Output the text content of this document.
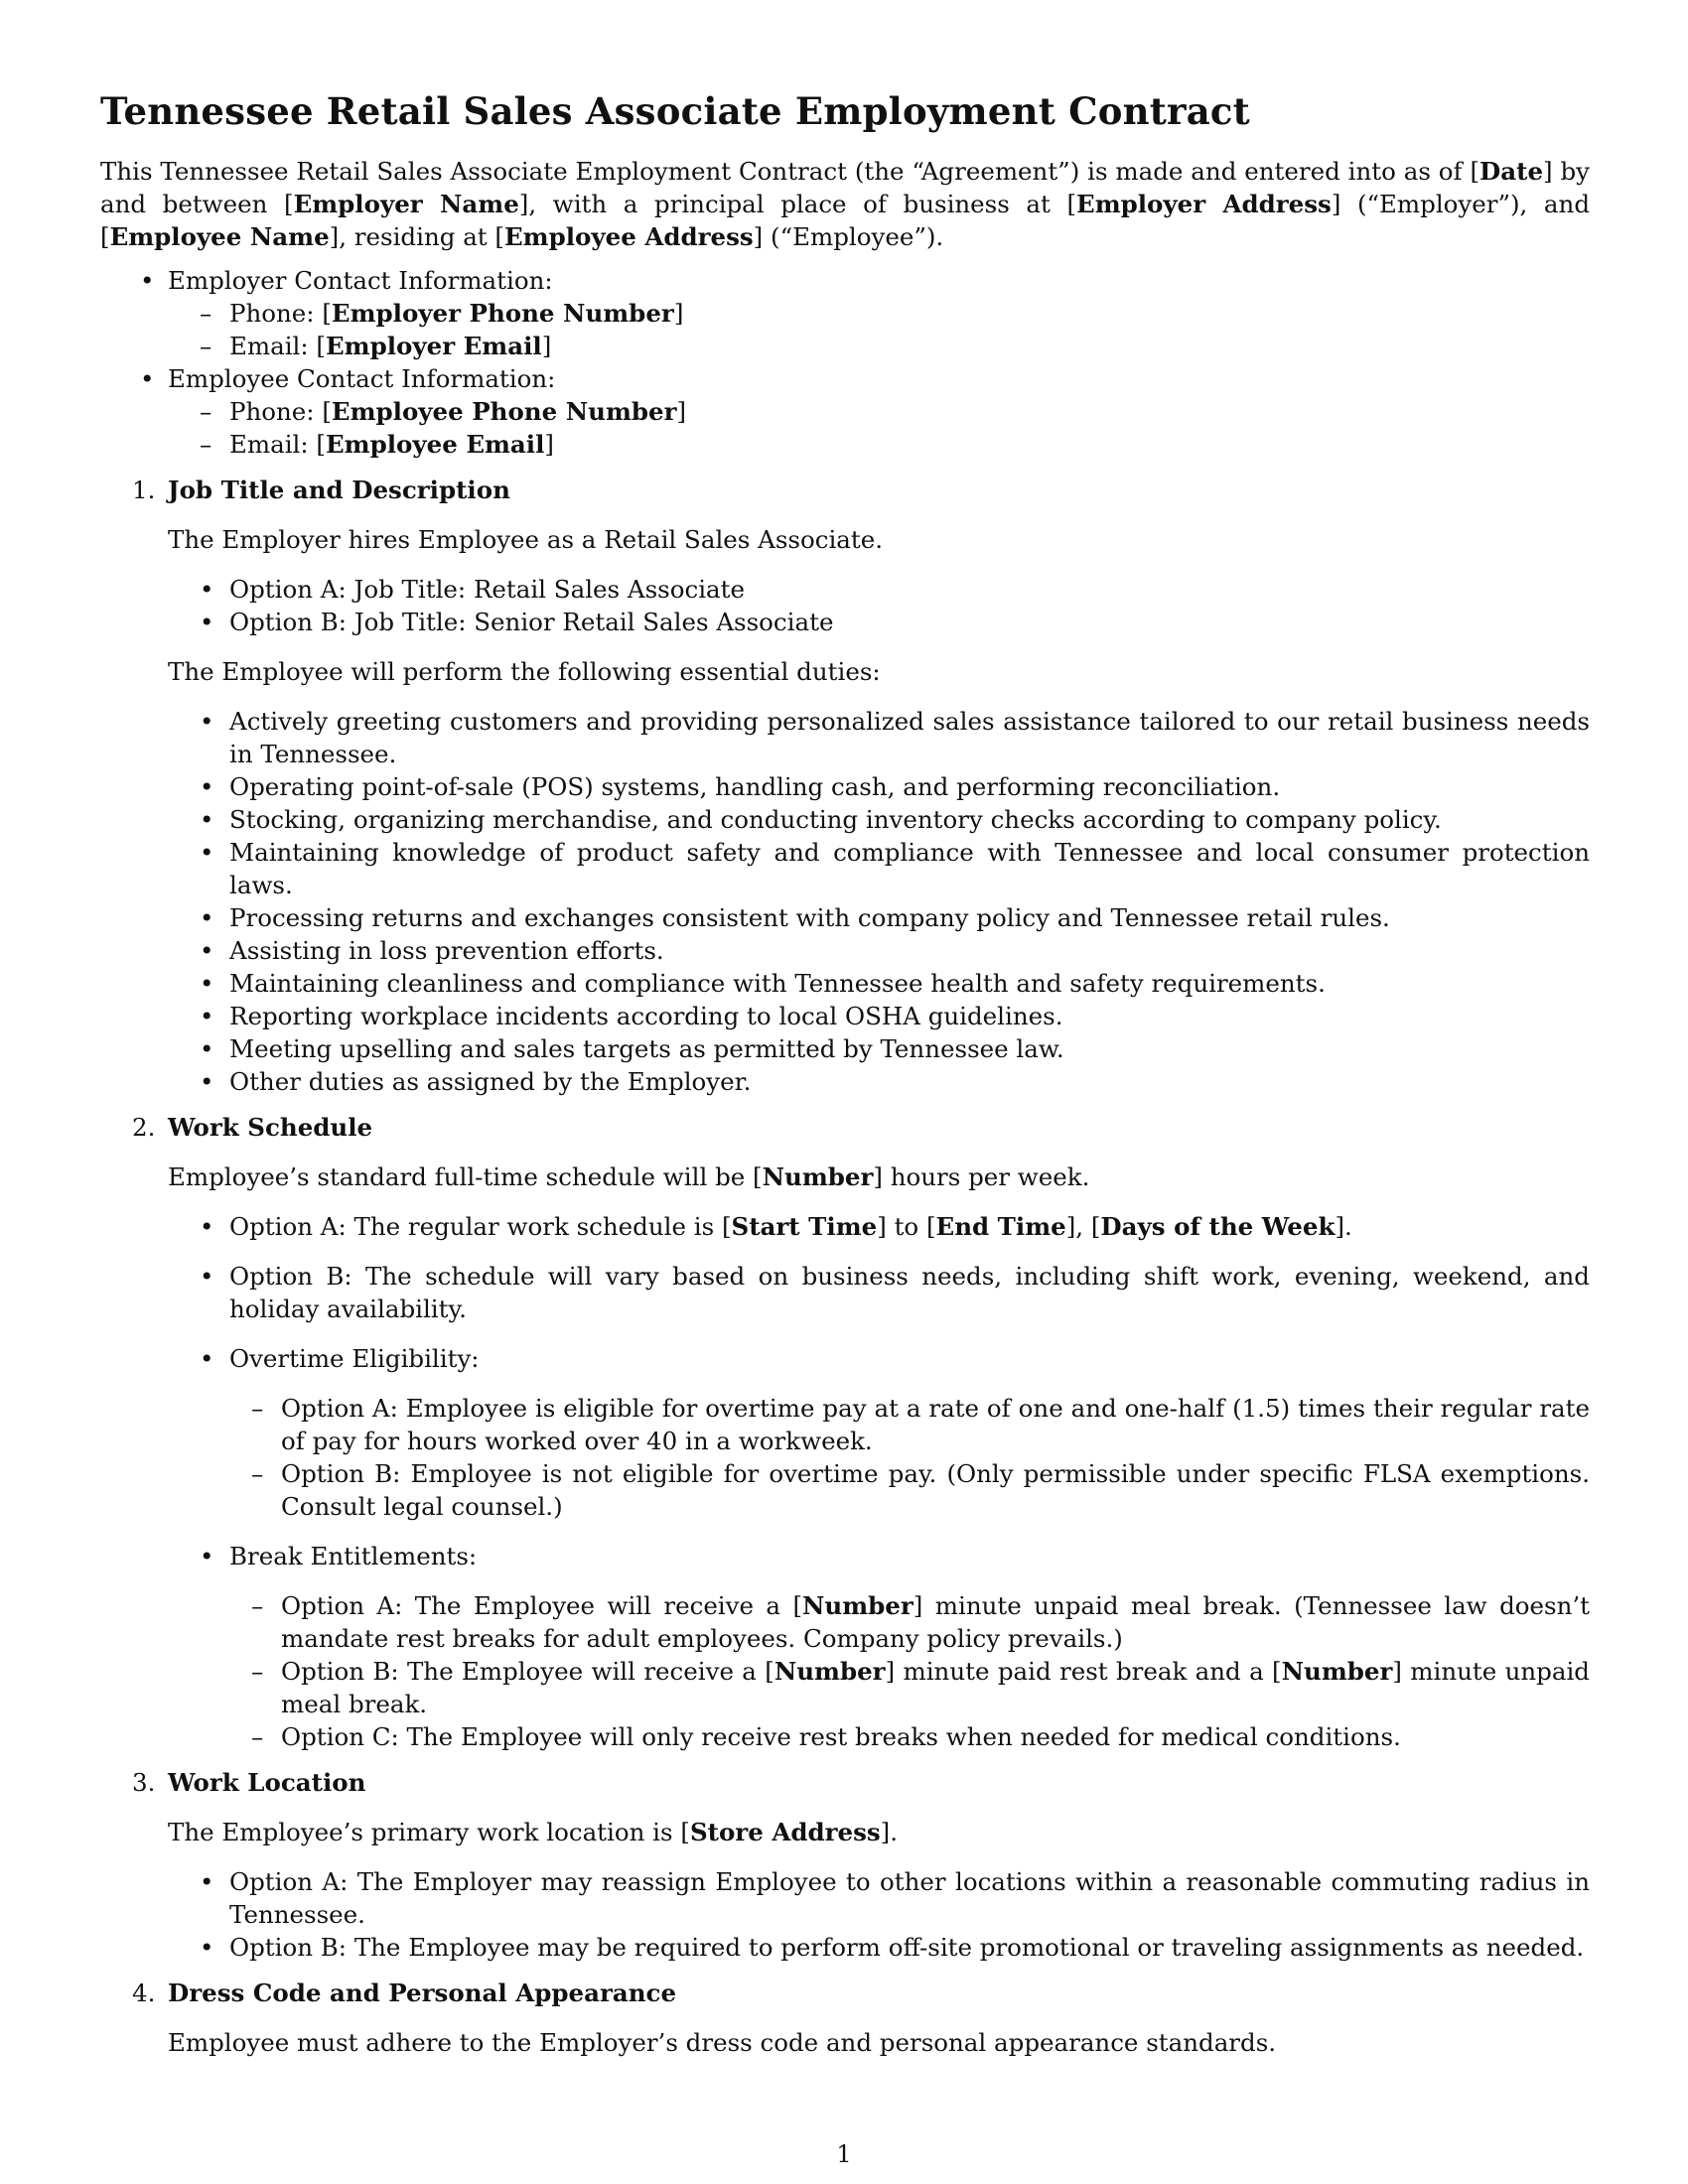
Tennessee Retail Sales Associate Employment Contract

This Tennessee Retail Sales Associate Employment Contract (the “Agreement”) is made and entered into as of [Date] by and between [Employer Name], with a principal place of business at [Employer Address] (“Employer”), and [Employee Name], residing at [Employee Address] (“Employee”).

• Employer Contact Information:
– Phone: [Employer Phone Number]
– Email: [Employer Email]
• Employee Contact Information:
– Phone: [Employee Phone Number]
– Email: [Employee Email]
1. Job Title and Description

The Employer hires Employee as a Retail Sales Associate.

• Option A: Job Title: Retail Sales Associate
• Option B: Job Title: Senior Retail Sales Associate

The Employee will perform the following essential duties:

• Actively greeting customers and providing personalized sales assistance tailored to our retail business needs in Tennessee.
• Operating point-of-sale (POS) systems, handling cash, and performing reconciliation.
• Stocking, organizing merchandise, and conducting inventory checks according to company policy.
• Maintaining knowledge of product safety and compliance with Tennessee and local consumer protection laws.
• Processing returns and exchanges consistent with company policy and Tennessee retail rules.
• Assisting in loss prevention efforts.
• Maintaining cleanliness and compliance with Tennessee health and safety requirements.
• Reporting workplace incidents according to local OSHA guidelines.
• Meeting upselling and sales targets as permitted by Tennessee law.
• Other duties as assigned by the Employer.
2. Work Schedule

Employee’s standard full-time schedule will be [Number] hours per week.

• Option A: The regular work schedule is [Start Time] to [End Time], [Days of the Week].
• Option B: The schedule will vary based on business needs, including shift work, evening, weekend, and holiday availability.
• Overtime Eligibility:
– Option A: Employee is eligible for overtime pay at a rate of one and one-half (1.5) times their regular rate of pay for hours worked over 40 in a workweek.
– Option B: Employee is not eligible for overtime pay. (Only permissible under specific FLSA exemptions. Consult legal counsel.)
• Break Entitlements:
– Option A: The Employee will receive a [Number] minute unpaid meal break. (Tennessee law doesn’t mandate rest breaks for adult employees. Company policy prevails.)
– Option B: The Employee will receive a [Number] minute paid rest break and a [Number] minute unpaid meal break.
– Option C: The Employee will only receive rest breaks when needed for medical conditions.
3. Work Location

The Employee’s primary work location is [Store Address].

• Option A: The Employer may reassign Employee to other locations within a reasonable commuting radius in Tennessee.
• Option B: The Employee may be required to perform off-site promotional or traveling assignments as needed.
4. Dress Code and Personal Appearance

Employee must adhere to the Employer’s dress code and personal appearance standards.

1
